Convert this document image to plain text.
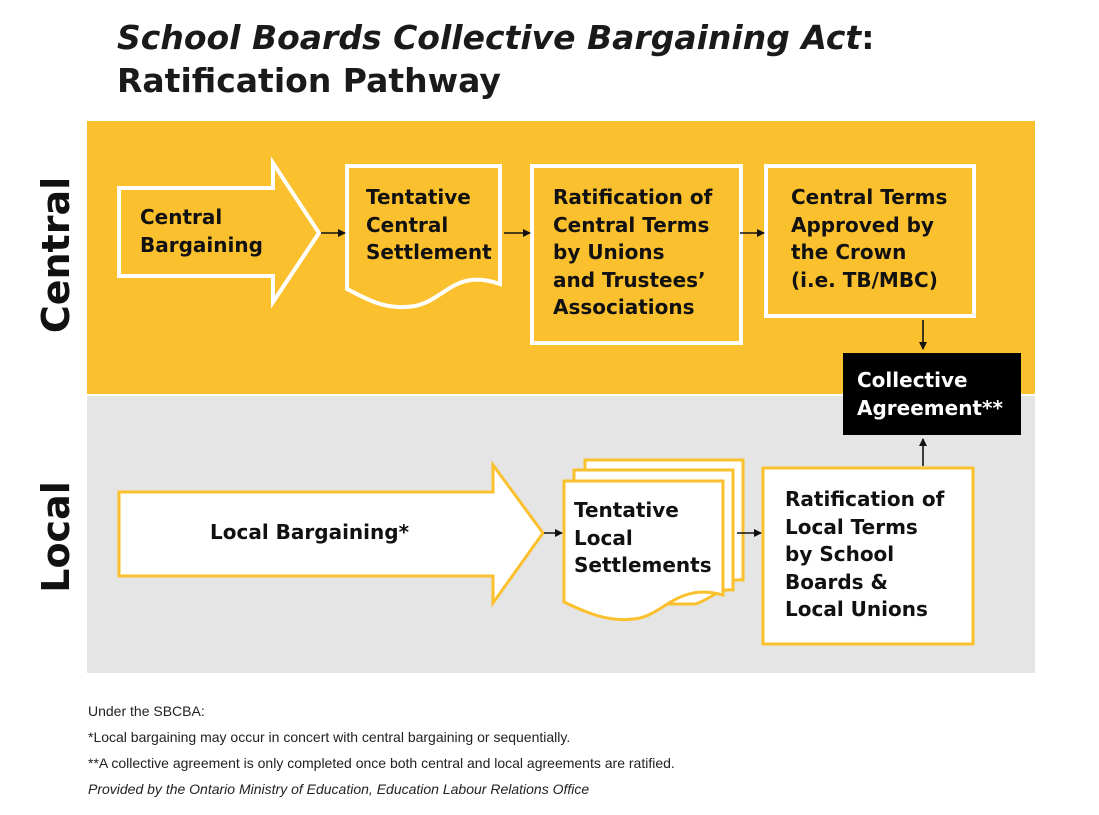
School Boards Collective Bargaining Act:
Ratification Pathway
Central
Local
Central
Bargaining
Tentative
Central
Settlement
Ratification of
Central Terms
by Unions
and Trustees’
Associations
Central Terms
Approved by
the Crown
(i.e. TB/MBC)
Collective
Agreement**
Local Bargaining*
Tentative
Local
Settlements
Ratification of
Local Terms
by School
Boards &
Local Unions
Under the SBCBA:
*Local bargaining may occur in concert with central bargaining or sequentially.
**A collective agreement is only completed once both central and local agreements are ratified.
Provided by the Ontario Ministry of Education, Education Labour Relations Office
